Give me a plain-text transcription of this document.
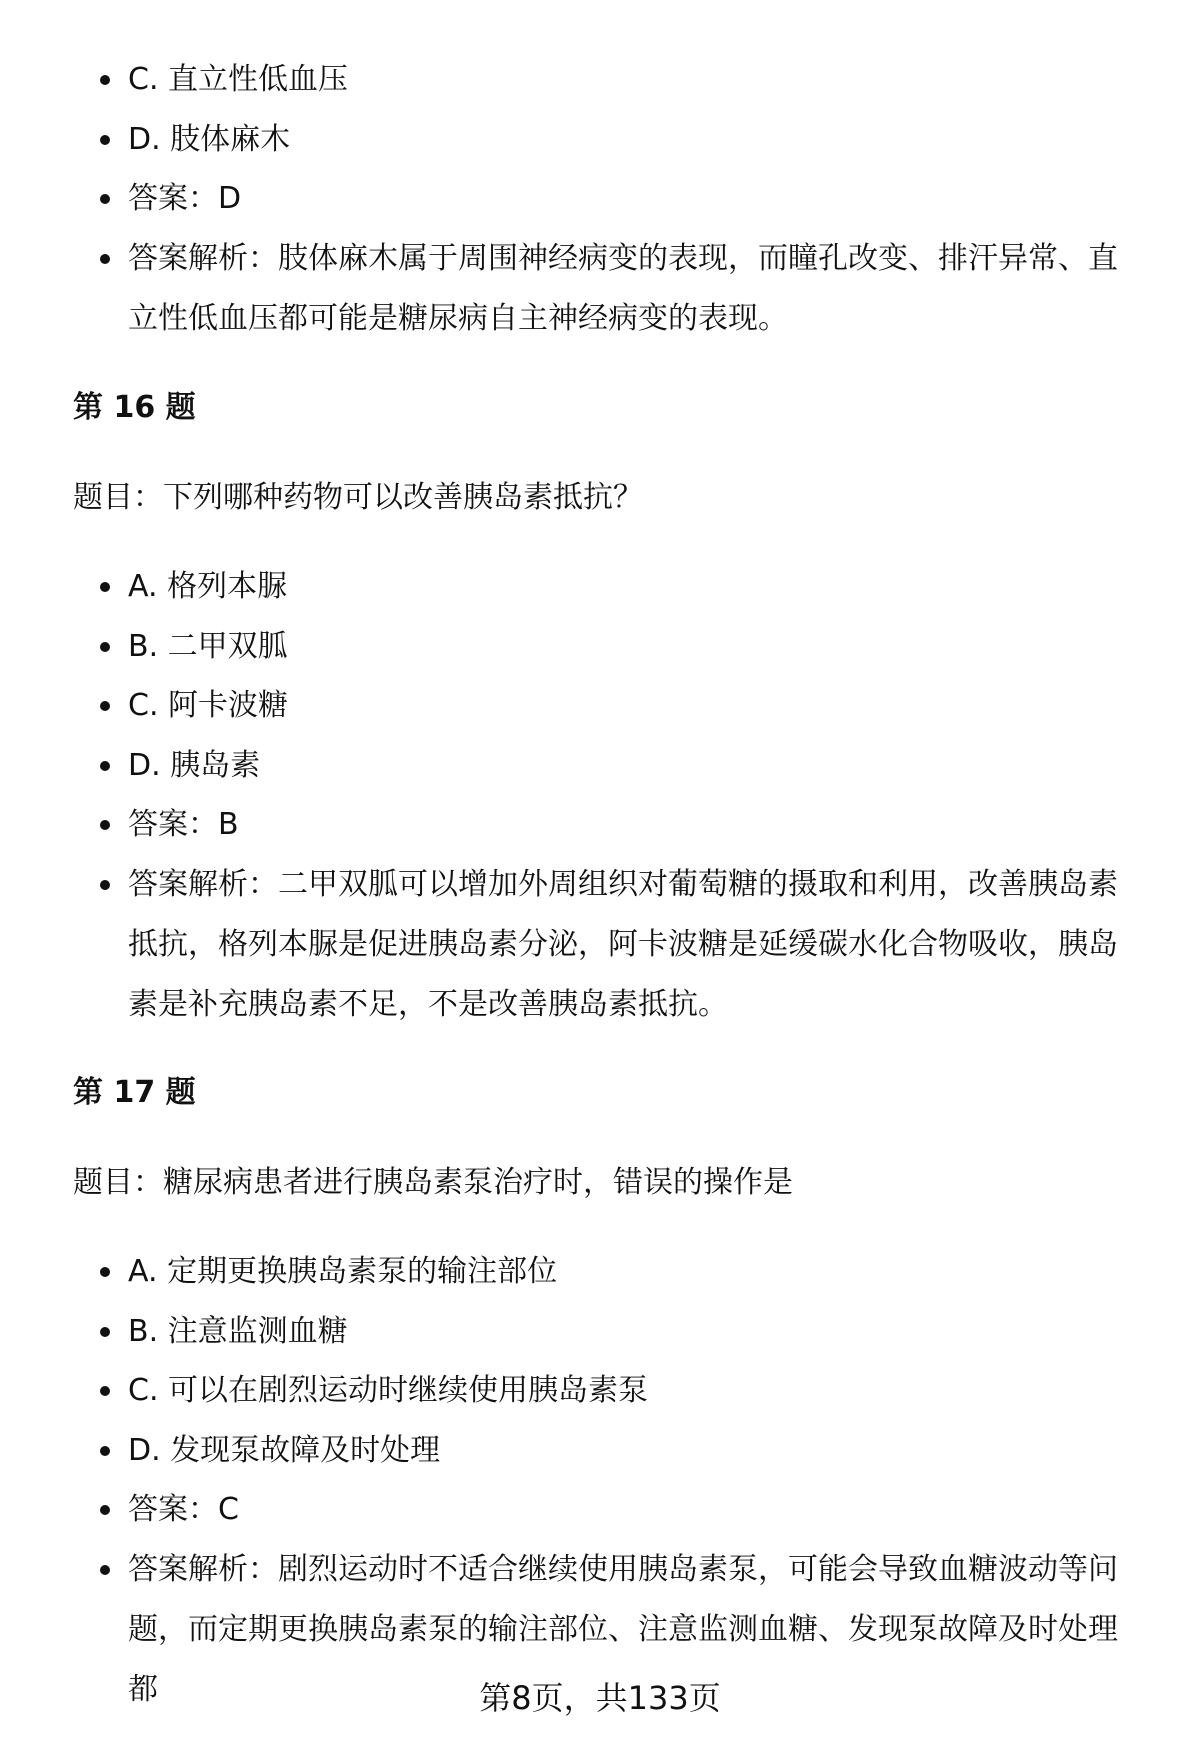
C. 直立性低血压
D. 肢体麻木
答案：D
答案解析：肢体麻木属于周围神经病变的表现，而瞳孔改变、排汗异常、直立性低血压都可能是糖尿病自主神经病变的表现。
第 16 题
题目：下列哪种药物可以改善胰岛素抵抗？
A. 格列本脲
B. 二甲双胍
C. 阿卡波糖
D. 胰岛素
答案：B
答案解析：二甲双胍可以增加外周组织对葡萄糖的摄取和利用，改善胰岛素抵抗，格列本脲是促进胰岛素分泌，阿卡波糖是延缓碳水化合物吸收，胰岛素是补充胰岛素不足，不是改善胰岛素抵抗。
第 17 题
题目：糖尿病患者进行胰岛素泵治疗时，错误的操作是
A. 定期更换胰岛素泵的输注部位
B. 注意监测血糖
C. 可以在剧烈运动时继续使用胰岛素泵
D. 发现泵故障及时处理
答案：C
答案解析：剧烈运动时不适合继续使用胰岛素泵，可能会导致血糖波动等问题，而定期更换胰岛素泵的输注部位、注意监测血糖、发现泵故障及时处理都	第8页，共133页
